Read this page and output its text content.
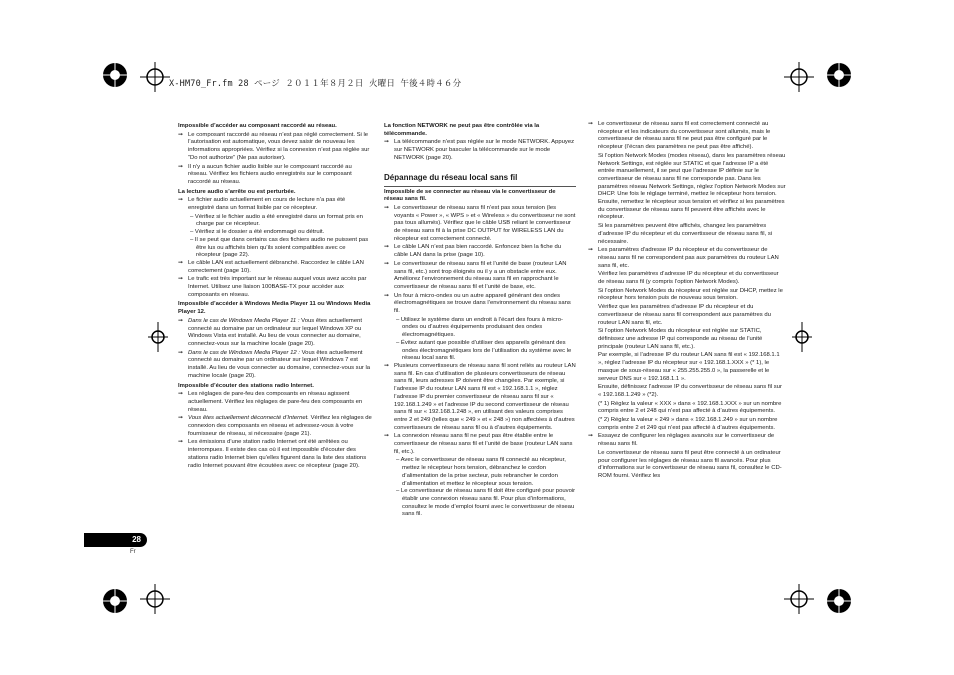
X-HM70_Fr.fm 28 ページ ２０１１年８月２日 火曜日 午後４時４６分
Impossible d’accéder au composant raccordé au réseau.
➞ Le composant raccordé au réseau n’est pas réglé correctement. Si le l’autorisation est automatique, vous devez saisir de nouveau les informations appropriées. Vérifiez si la connexion n’est pas réglée sur “Do not authorize” (Ne pas autoriser).
➞ Il n’y a aucun fichier audio lisible sur le composant raccordé au réseau. Vérifiez les fichiers audio enregistrés sur le composant raccordé au réseau.
La lecture audio s’arrête ou est perturbée.
➞ Le fichier audio actuellement en cours de lecture n’a pas été enregistré dans un format lisible par ce récepteur.
– Vérifiez si le fichier audio a été enregistré dans un format pris en charge par ce récepteur.
– Vérifiez si le dossier a été endommagé ou détruit.
– Il se peut que dans certains cas des fichiers audio ne puissent pas être lus ou affichés bien qu’ils soient compatibles avec ce récepteur (page 22).
➞ Le câble LAN est actuellement débranché. Raccordez le câble LAN correctement (page 10).
➞ Le trafic est très important sur le réseau auquel vous avez accès par Internet. Utilisez une liaison 100BASE-TX pour accéder aux composants en réseau.
Impossible d’accéder à Windows Media Player 11 ou Windows Media Player 12.
➞ Dans le cas de Windows Media Player 11 : Vous êtes actuellement connecté au domaine par un ordinateur sur lequel Windows XP ou Windows Vista est installé. Au lieu de vous connecter au domaine, connectez-vous sur la machine locale (page 20).
➞ Dans le cas de Windows Media Player 12 : Vous êtes actuellement connecté au domaine par un ordinateur sur lequel Windows 7 est installé. Au lieu de vous connecter au domaine, connectez-vous sur la machine locale (page 20).
Impossible d’écouter des stations radio Internet.
➞ Les réglages de pare-feu des composants en réseau agissent actuellement. Vérifiez les réglages de pare-feu des composants en réseau.
➞ Vous êtes actuellement déconnecté d’Internet. Vérifiez les réglages de connexion des composants en réseau et adressez-vous à votre fournisseur de réseau, si nécessaire (page 21).
➞ Les émissions d’une station radio Internet ont été arrêtées ou interrompues. Il existe des cas où il est impossible d’écouter des stations radio Internet bien qu’elles figurent dans la liste des stations radio Internet pouvant être écoutées avec ce récepteur (page 20).
La fonction NETWORK ne peut pas être contrôlée via la télécommande.
➞ La télécommande n’est pas réglée sur le mode NETWORK. Appuyez sur NETWORK pour basculer la télécommande sur le mode NETWORK (page 20).
Dépannage du réseau local sans fil
Impossible de se connecter au réseau via le convertisseur de réseau sans fil.
➞ Le convertisseur de réseau sans fil n’est pas sous tension (les voyants « Power », « WPS » et « Wireless » du convertisseur ne sont pas tous allumés). Vérifiez que le câble USB reliant le convertisseur de réseau sans fil à la prise DC OUTPUT for WIRELESS LAN du récepteur est correctement connecté.
➞ Le câble LAN n’est pas bien raccordé. Enfoncez bien la fiche du câble LAN dans la prise (page 10).
➞ Le convertisseur de réseau sans fil et l’unité de base (routeur LAN sans fil, etc.) sont trop éloignés ou il y a un obstacle entre eux. Améliorez l’environnement du réseau sans fil en rapprochant le convertisseur de réseau sans fil et l’unité de base, etc.
➞ Un four à micro-ondes ou un autre appareil générant des ondes électromagnétiques se trouve dans l’environnement du réseau sans fil.
– Utilisez le système dans un endroit à l’écart des fours à micro-ondes ou d’autres équipements produisant des ondes électromagnétiques.
– Évitez autant que possible d’utiliser des appareils générant des ondes électromagnétiques lors de l’utilisation du système avec le réseau local sans fil.
➞ Plusieurs convertisseurs de réseau sans fil sont reliés au routeur LAN sans fil. En cas d’utilisation de plusieurs convertisseurs de réseau sans fil, leurs adresses IP doivent être changées. Par exemple, si l’adresse IP du routeur LAN sans fil est « 192.168.1.1 », réglez l’adresse IP du premier convertisseur de réseau sans fil sur « 192.168.1.249 » et l’adresse IP du second convertisseur de réseau sans fil sur « 192.168.1.248 », en utilisant des valeurs comprises entre 2 et 249 (telles que « 249 » et « 248 ») non affectées à d’autres convertisseurs de réseau sans fil ou à d’autres équipements.
➞ La connexion réseau sans fil ne peut pas être établie entre le convertisseur de réseau sans fil et l’unité de base (routeur LAN sans fil, etc.).
– Avec le convertisseur de réseau sans fil connecté au récepteur, mettez le récepteur hors tension, débranchez le cordon d’alimentation de la prise secteur, puis rebrancher le cordon d’alimentation et mettez le récepteur sous tension.
– Le convertisseur de réseau sans fil doit être configuré pour pouvoir établir une connexion réseau sans fil. Pour plus d’informations, consultez le mode d’emploi fourni avec le convertisseur de réseau sans fil.
➞ Le convertisseur de réseau sans fil est correctement connecté au récepteur et les indicateurs du convertisseur sont allumés, mais le convertisseur de réseau sans fil ne peut pas être configuré par le récepteur (l’écran des paramètres ne peut pas être affiché).
Si l’option Network Modes (modes réseau), dans les paramètres réseau Network Settings, est réglée sur STATIC et que l’adresse IP a été entrée manuellement, il se peut que l’adresse IP définie sur le convertisseur de réseau sans fil ne corresponde pas. Dans les paramètres réseau Network Settings, réglez l’option Network Modes sur DHCP. Une fois le réglage terminé, mettez le récepteur hors tension. Ensuite, remettez le récepteur sous tension et vérifiez si les paramètres du convertisseur de réseau sans fil peuvent être affichés avec le récepteur.
Si les paramètres peuvent être affichés, changez les paramètres d’adresse IP du récepteur et du convertisseur de réseau sans fil, si nécessaire.
➞ Les paramètres d’adresse IP du récepteur et du convertisseur de réseau sans fil ne correspondent pas aux paramètres du routeur LAN sans fil, etc.
Vérifiez les paramètres d’adresse IP du récepteur et du convertisseur de réseau sans fil (y compris l’option Network Modes).
Si l’option Network Modes du récepteur est réglée sur DHCP, mettez le récepteur hors tension puis de nouveau sous tension.
Vérifiez que les paramètres d’adresse IP du récepteur et du convertisseur de réseau sans fil correspondent aux paramètres du routeur LAN sans fil, etc.
Si l’option Network Modes du récepteur est réglée sur STATIC, définissez une adresse IP qui corresponde au réseau de l’unité principale (routeur LAN sans fil, etc.).
Par exemple, si l’adresse IP du routeur LAN sans fil est « 192.168.1.1 », réglez l’adresse IP du récepteur sur « 192.168.1.XXX » (* 1), le masque de sous-réseau sur « 255.255.255.0 », la passerelle et le serveur DNS sur « 192.168.1.1 ».
Ensuite, définissez l’adresse IP du convertisseur de réseau sans fil sur « 192.168.1.249 » (*2).
(* 1) Réglez la valeur « XXX » dans « 192.168.1.XXX » sur un nombre compris entre 2 et 248 qui n’est pas affecté à d’autres équipements.
(* 2) Réglez la valeur « 249 » dans « 192.168.1.249 » sur un nombre compris entre 2 et 249 qui n’est pas affecté à d’autres équipements.
➞ Essayez de configurer les réglages avancés sur le convertisseur de réseau sans fil.
Le convertisseur de réseau sans fil peut être connecté à un ordinateur pour configurer les réglages de réseau sans fil avancés. Pour plus d’informations sur le convertisseur de réseau sans fil, consultez le CD-ROM fourni. Vérifiez les
28
Fr
